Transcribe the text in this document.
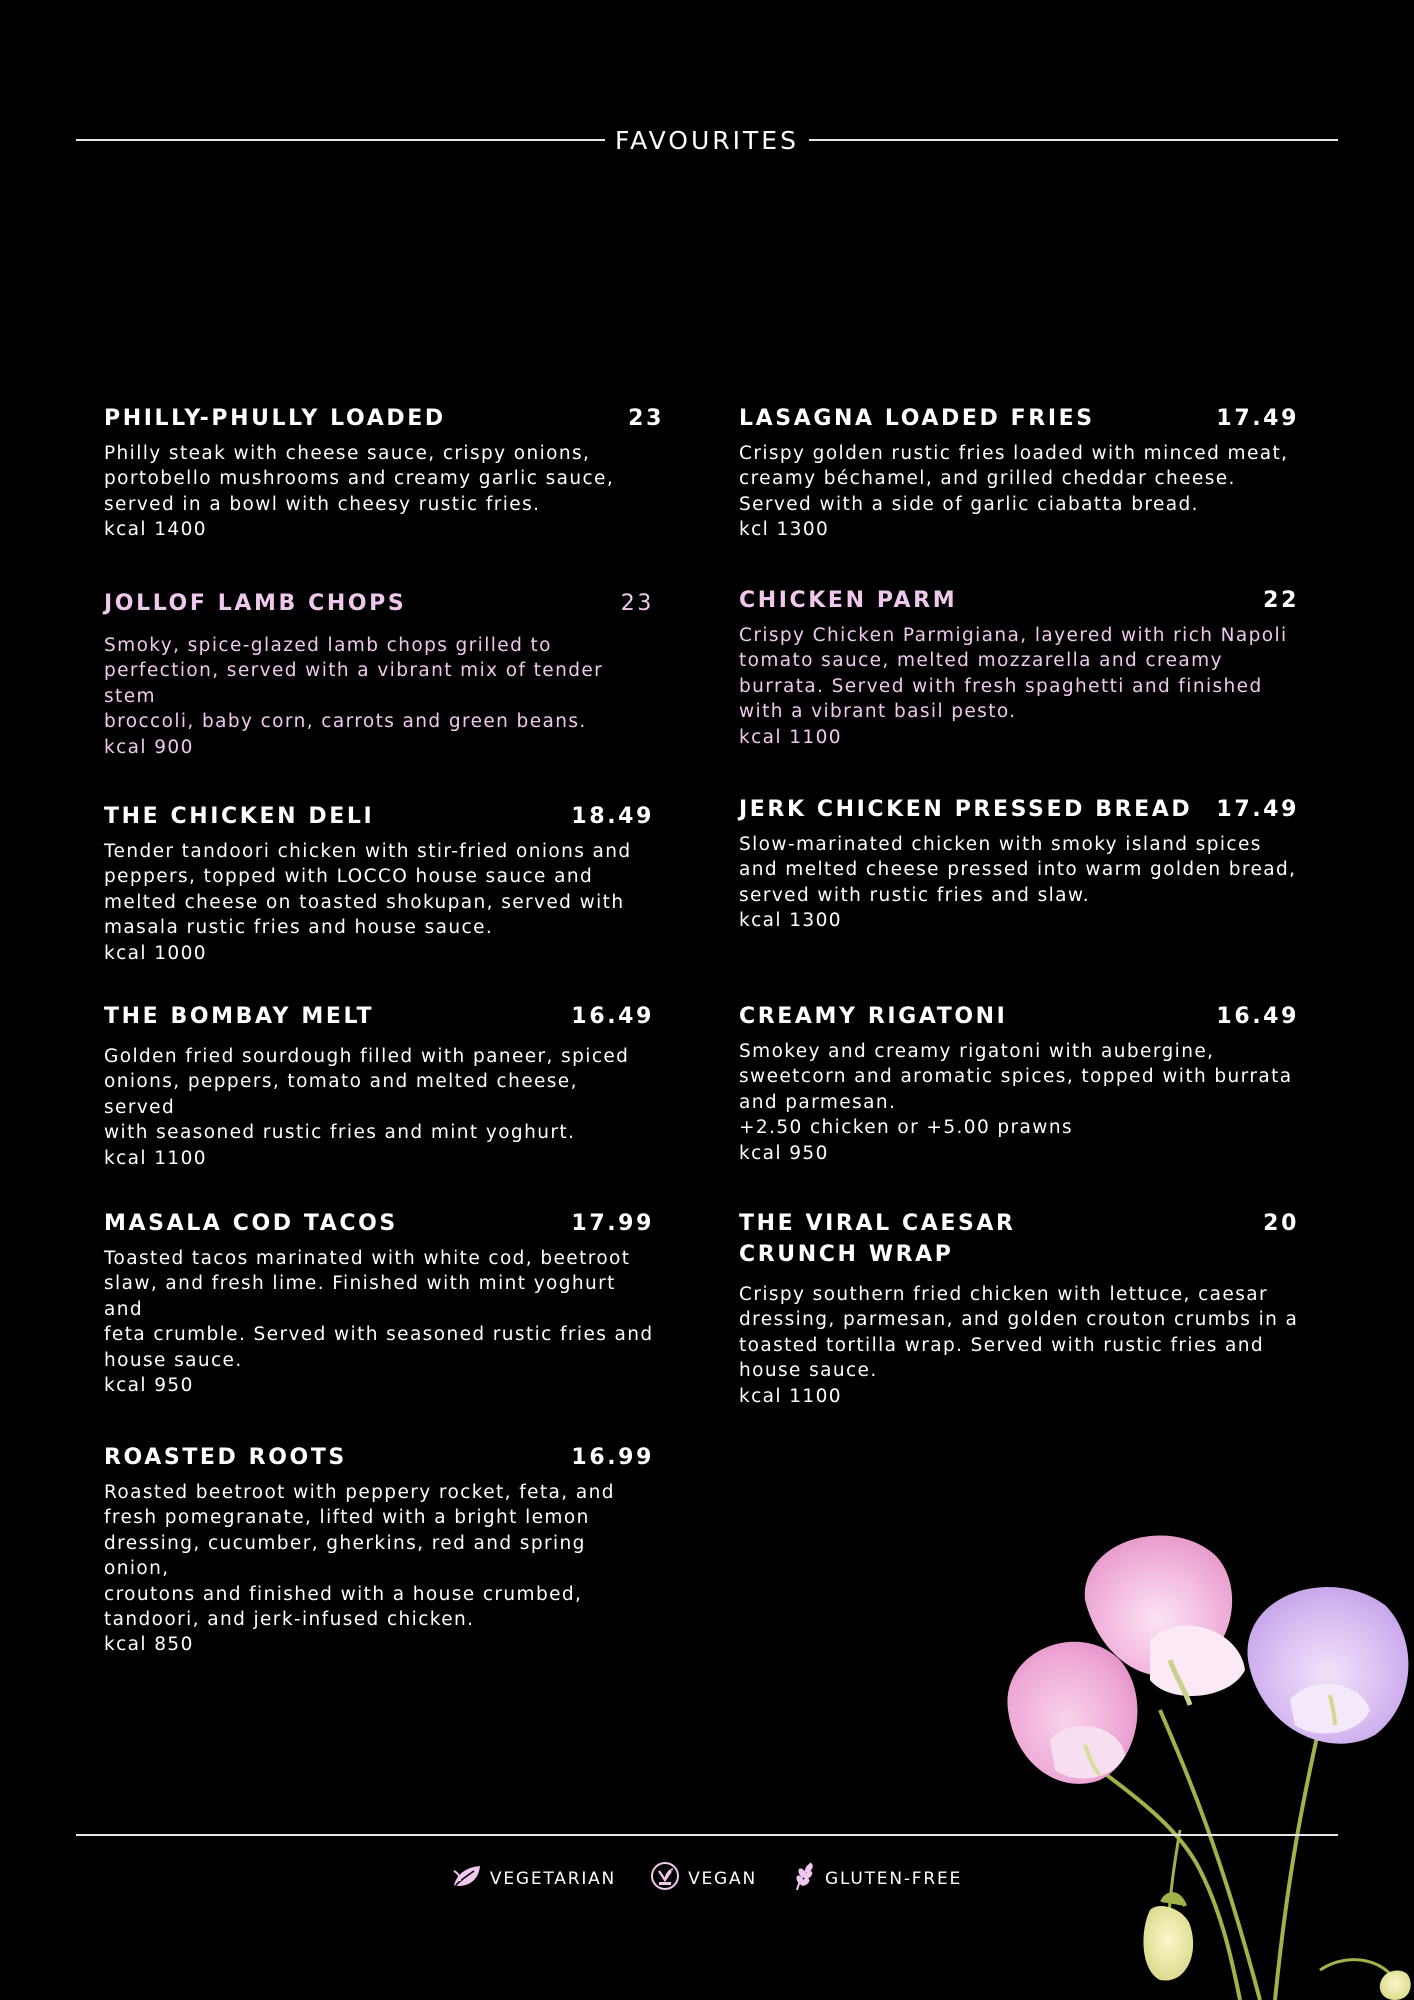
FAVOURITES
PHILLY-PHULLY LOADED	23
Philly steak with cheese sauce, crispy onions,
portobello mushrooms and creamy garlic sauce,
served in a bowl with cheesy rustic fries.
kcal 1400
JOLLOF LAMB CHOPS	23
Smoky, spice-glazed lamb chops grilled to
perfection, served with a vibrant mix of tender stem
broccoli, baby corn, carrots and green beans.
kcal 900
THE CHICKEN DELI	18.49
Tender tandoori chicken with stir-fried onions and
peppers, topped with LOCCO house sauce and
melted cheese on toasted shokupan, served with
masala rustic fries and house sauce.
kcal 1000
THE BOMBAY MELT	16.49
Golden fried sourdough filled with paneer, spiced
onions, peppers, tomato and melted cheese, served
with seasoned rustic fries and mint yoghurt.
kcal 1100
MASALA COD TACOS	17.99
Toasted tacos marinated with white cod, beetroot
slaw, and fresh lime. Finished with mint yoghurt and
feta crumble. Served with seasoned rustic fries and
house sauce.
kcal 950
ROASTED ROOTS	16.99
Roasted beetroot with peppery rocket, feta, and
fresh pomegranate, lifted with a bright lemon
dressing, cucumber, gherkins, red and spring onion,
croutons and finished with a house crumbed,
tandoori, and jerk-infused chicken.
kcal 850
LASAGNA LOADED FRIES	17.49
Crispy golden rustic fries loaded with minced meat,
creamy béchamel, and grilled cheddar cheese.
Served with a side of garlic ciabatta bread.
kcl 1300
CHICKEN PARM	22
Crispy Chicken Parmigiana, layered with rich Napoli
tomato sauce, melted mozzarella and creamy
burrata. Served with fresh spaghetti and finished
with a vibrant basil pesto.
kcal 1100
JERK CHICKEN PRESSED BREAD 17.49
Slow-marinated chicken with smoky island spices
and melted cheese pressed into warm golden bread,
served with rustic fries and slaw.
kcal 1300
CREAMY RIGATONI	16.49
Smokey and creamy rigatoni with aubergine,
sweetcorn and aromatic spices, topped with burrata
and parmesan.
+2.50 chicken or +5.00 prawns
kcal 950
THE VIRAL CAESAR
CRUNCH WRAP
20
Crispy southern fried chicken with lettuce, caesar
dressing, parmesan, and golden crouton crumbs in a
toasted tortilla wrap. Served with rustic fries and
house sauce.
kcal 1100
VEGETARIAN	VEGAN	GLUTEN-FREE
